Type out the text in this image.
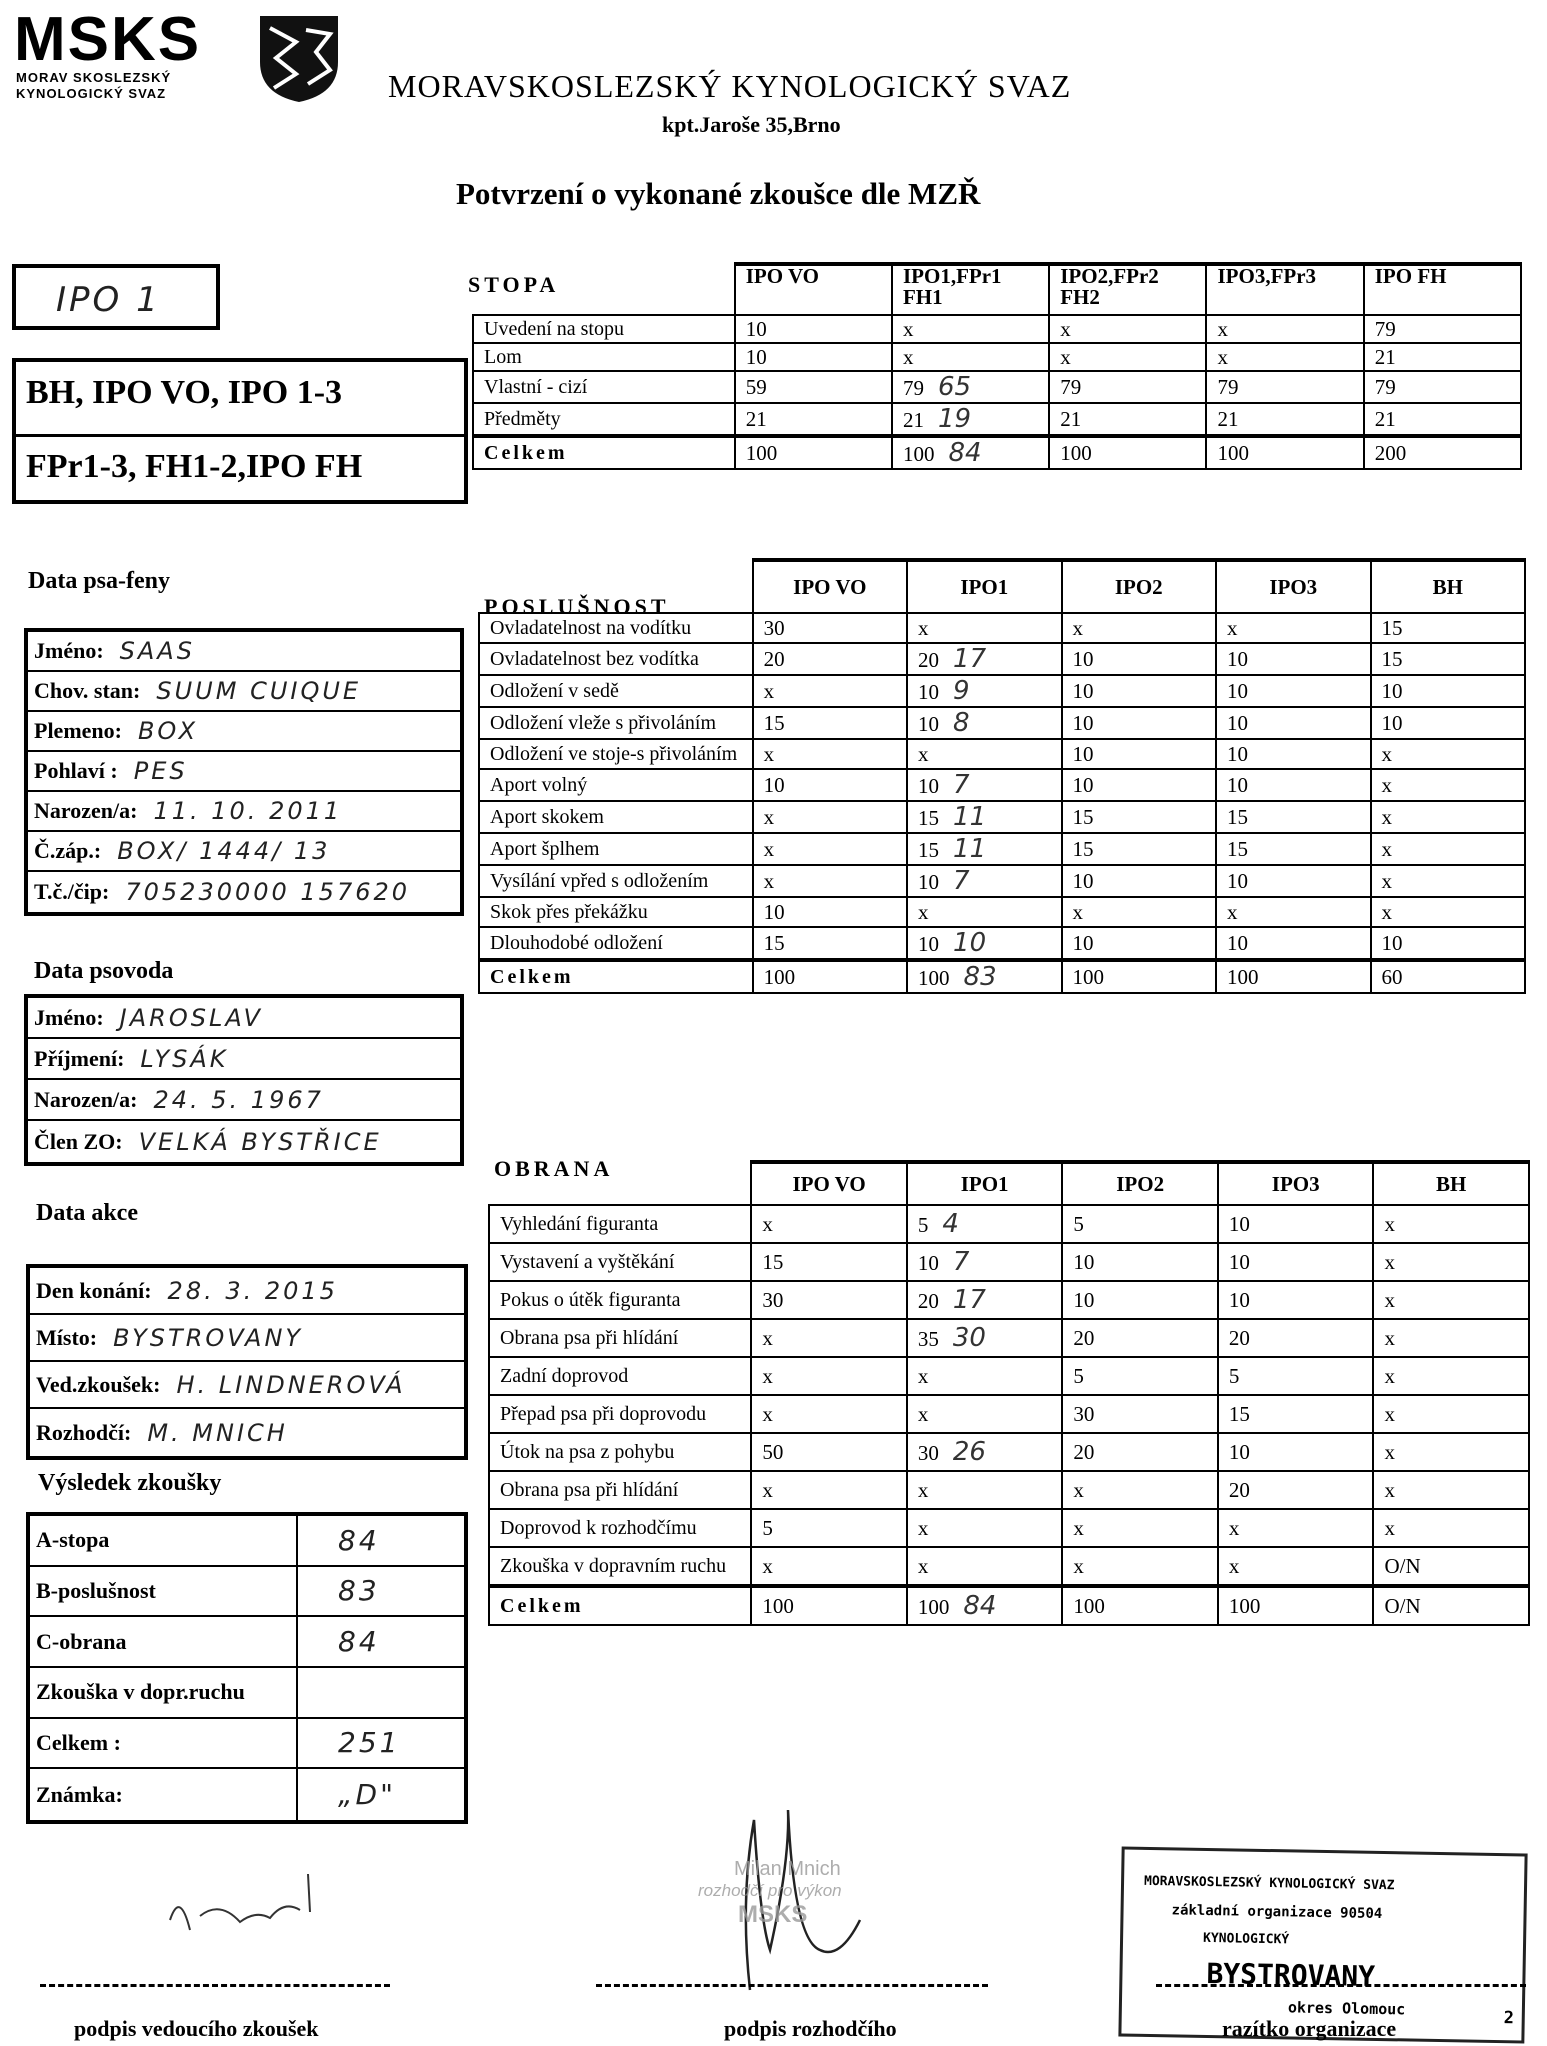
MSKS
MORAV SKOSLEZSKÝ
KYNOLOGICKÝ SVAZ	MORAVSKOSLEZSKÝ KYNOLOGICKÝ SVAZ
kpt.Jaroše 35,Brno
Potvrzení o vykonané zkoušce dle MZŘ
IPO 1
BH, IPO VO, IPO 1-3
FPr1-3, FH1-2,IPO FH
Data psa-feny
Jméno: SAAS
Chov. stan: SUUM CUIQUE
Plemeno: BOX
Pohlaví : PES
Narozen/a: 11. 10. 2011
Č.záp.: BOX/ 1444/ 13
T.č./čip: 705230000 157620
Data psovoda
Jméno: JAROSLAV
Příjmení: LYSÁK
Narozen/a: 24. 5. 1967
Člen ZO: VELKÁ BYSTŘICE
Data akce
Den konání: 28. 3. 2015
Místo: BYSTROVANY
Ved.zkoušek: H. LINDNEROVÁ
Rozhodčí: M. MNICH
Výsledek zkoušky
A-stopa	84
B-poslušnost	83
C-obrana	84
Zkouška v dopr.ruchu
Celkem :	251
Známka:	„D"
STOPA
		IPO VO	IPO1,FPr1 FH1	IPO2,FPr2 FH2	IPO3,FPr3	IPO FH
Uvedení na stopu	10	x	x	x	79
Lom	10	x	x	x	21
Vlastní - cizí	59	79 65	79	79	79
Předměty	21	21 19	21	21	21
Celkem	100	100 84	100	100	200
POSLUŠNOST
	IPO VO	IPO1	IPO2	IPO3	BH
Ovladatelnost na vodítku	30	x	x	x	15
Ovladatelnost bez vodítka	20	20 17	10	10	15
Odložení v sedě	x	10 9	10	10	10
Odložení vleže s přivoláním	15	10 8	10	10	10
Odložení ve stoje-s přivoláním	x	x	10	10	x
Aport volný	10	10 7	10	10	x
Aport skokem	x	15 11	15	15	x
Aport šplhem	x	15 11	15	15	x
Vysílání vpřed s odložením	x	10 7	10	10	x
Skok přes překážku	10	x	x	x	x
Dlouhodobé odložení	15	10 10	10	10	10
Celkem	100	100 83	100	100	60
OBRANA
	IPO VO	IPO1	IPO2	IPO3	BH
Vyhledání figuranta	x	5 4	5	10	x
Vystavení a vyštěkání	15	10 7	10	10	x
Pokus o útěk figuranta	30	20 17	10	10	x
Obrana psa při hlídání	x	35 30	20	20	x
Zadní doprovod	x	x	5	5	x
Přepad psa při doprovodu	x	x	30	15	x
Útok na psa z pohybu	50	30 26	20	10	x
Obrana psa při hlídání	x	x	x	20	x
Doprovod k rozhodčímu	5	x	x	x	x
Zkouška v dopravním ruchu	x	x	x	x	O/N
Celkem	100	100 84	100	100	O/N
podpis vedoucího zkoušek
Milan Mnich
rozhodčí pro výkon
MSKS
podpis rozhodčího
MORAVSKOSLEZSKÝ KYNOLOGICKÝ SVAZ
základní organizace 90504
KYNOLOGICKÝ
BYSTROVANY
okres Olomouc	2
razítko organizace
